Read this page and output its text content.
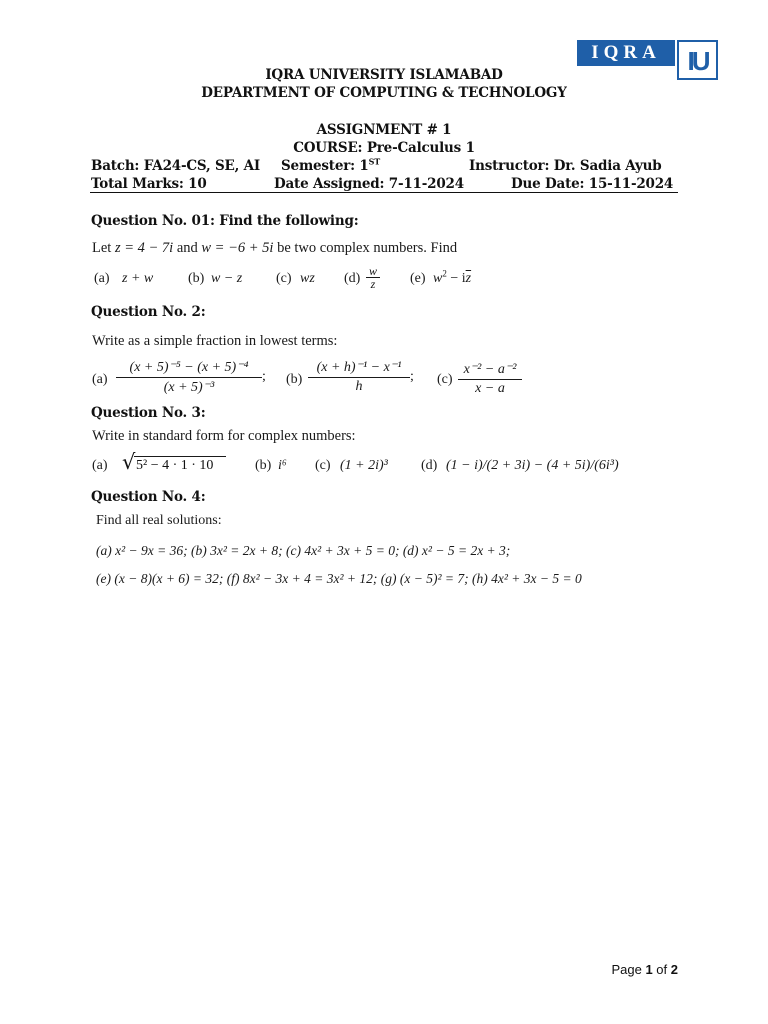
IQRA	IU
IQRA UNIVERSITY ISLAMABAD
DEPARTMENT OF COMPUTING & TECHNOLOGY
ASSIGNMENT # 1
COURSE: Pre-Calculus 1
Batch: FA24-CS, SE, AI Semester: 1ST	Instructor: Dr. Sadia Ayub
Total Marks: 10	Date Assigned: 7-11-2024	Due Date: 15-11-2024
Question No. 01: Find the following:
Let z = 4 − 7i and w = −6 + 5i be two complex numbers. Find
(a) z + w (b) w − z (c) wz (d) w
z	(e) $w^2 - i\overline{z}$
Question No. 2:
Write as a simple fraction in lowest terms:
(a)
(x + 5)⁻⁵ − (x + 5)⁻⁴
(x + 5)⁻³
; (b)
(x + h)⁻¹ − x⁻¹
h
; (c)
x⁻² − a⁻²
x − a
Question No. 3:
Write in standard form for complex numbers:
(a) √ 5² − 4 · 1 · 10	(b) i⁶ (c) (1 + 2i)³ (d) (1 − i)/(2 + 3i) − (4 + 5i)/(6i³)
Question No. 4:
Find all real solutions:
(a) x² − 9x = 36; (b) 3x² = 2x + 8; (c) 4x² + 3x + 5 = 0; (d) x² − 5 = 2x + 3;
(e) (x − 8)(x + 6) = 32; (f) 8x² − 3x + 4 = 3x² + 12; (g) (x − 5)² = 7; (h) 4x² + 3x − 5 = 0
Page 1 of 2
